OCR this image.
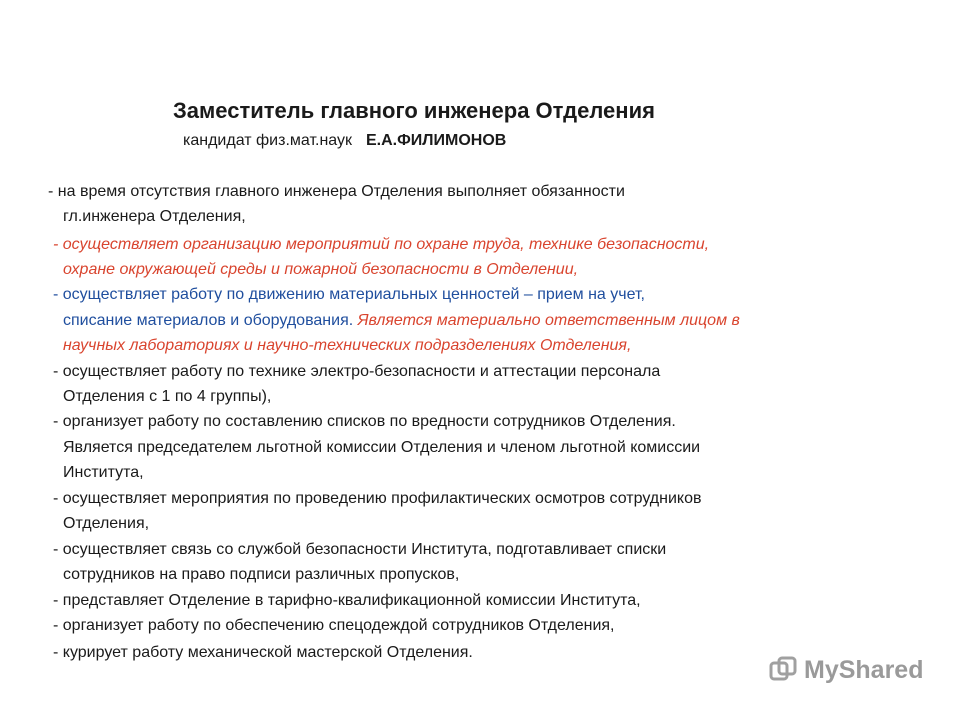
Заместитель главного инженера Отделения
кандидат физ.мат.наук Е.А.ФИЛИМОНОВ
- на время отсутствия главного инженера Отделения выполняет обязанности
гл.инженера Отделения,
- осуществляет организацию мероприятий по охране труда, технике безопасности,
охране окружающей среды и пожарной безопасности в Отделении,
- осуществляет работу по движению материальных ценностей – прием на учет,
списание материалов и оборудования. Является материально ответственным лицом в
научных лабораториях и научно-технических подразделениях Отделения,
- осуществляет работу по технике электро-безопасности и аттестации персонала
Отделения с 1 по 4 группы),
- организует работу по составлению списков по вредности сотрудников Отделения.
Является председателем льготной комиссии Отделения и членом льготной комиссии
Института,
- осуществляет мероприятия по проведению профилактических осмотров сотрудников
Отделения,
- осуществляет связь со службой безопасности Института, подготавливает списки
сотрудников на право подписи различных пропусков,
- представляет Отделение в тарифно-квалификационной комиссии Института,
- организует работу по обеспечению спецодеждой сотрудников Отделения,
- курирует работу механической мастерской Отделения.
MyShared
